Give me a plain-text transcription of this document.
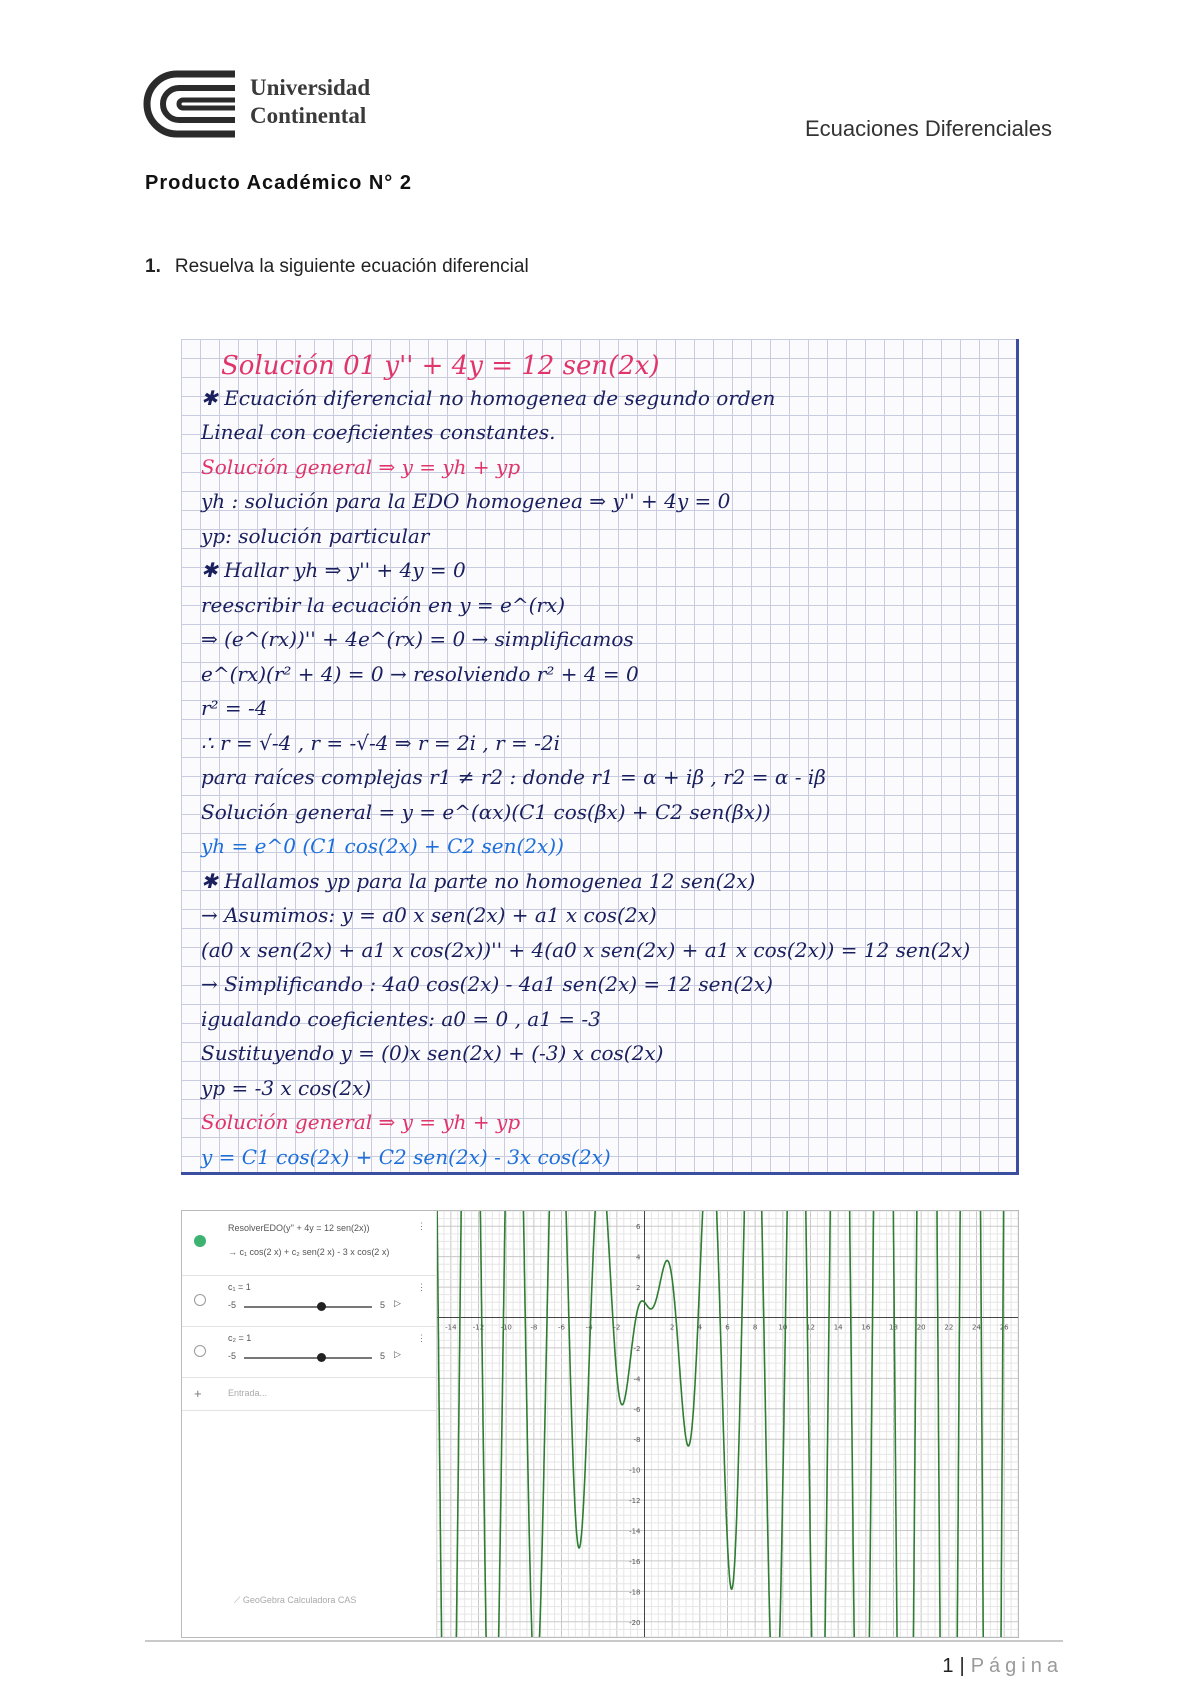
Universidad
Continental
Ecuaciones Diferenciales
Producto Académico N° 2
1. Resuelva la siguiente ecuación diferencial
Solución 01 y'' + 4y = 12 sen(2x)
✱ Ecuación diferencial no homogenea de segundo orden
Lineal con coeficientes constantes.
Solución general ⇒ y = yh + yp
yh : solución para la EDO homogenea ⇒ y'' + 4y = 0
yp: solución particular
✱ Hallar yh ⇒ y'' + 4y = 0
reescribir la ecuación en y = e^(rx)
⇒ (e^(rx))'' + 4e^(rx) = 0 → simplificamos
e^(rx)(r² + 4) = 0 → resolviendo r² + 4 = 0
r² = -4
∴ r = √-4 , r = -√-4 ⇒ r = 2i , r = -2i
para raíces complejas r1 ≠ r2 : donde r1 = α + iβ , r2 = α - iβ
Solución general = y = e^(αx)(C1 cos(βx) + C2 sen(βx))
yh = e^0 (C1 cos(2x) + C2 sen(2x))
✱ Hallamos yp para la parte no homogenea 12 sen(2x)
→ Asumimos: y = a0 x sen(2x) + a1 x cos(2x)
(a0 x sen(2x) + a1 x cos(2x))'' + 4(a0 x sen(2x) + a1 x cos(2x)) = 12 sen(2x)
→ Simplificando : 4a0 cos(2x) - 4a1 sen(2x) = 12 sen(2x)
igualando coeficientes: a0 = 0 , a1 = -3
Sustituyendo y = (0)x sen(2x) + (-3) x cos(2x)
yp = -3 x cos(2x)
Solución general ⇒ y = yh + yp
y = C1 cos(2x) + C2 sen(2x) - 3x cos(2x)
ResolverEDO(y'' + 4y = 12 sen(2x))
→ c₁ cos(2 x) + c₂ sen(2 x) - 3 x cos(2 x)
⋮
c₁ = 1
-5	5 ▷
⋮
c₂ = 1
-5	5 ▷
⋮
+	Entrada...
⟋ GeoGebra Calculadora CAS
-14 -12 -10	-8	-6	-4	-2	2	4	6	8	10	12	14	16	18	20	22	24	26
6
4
2
-2
-4
-6
-8
-10
-12
-14
-16
-18
-20
1 | Página
